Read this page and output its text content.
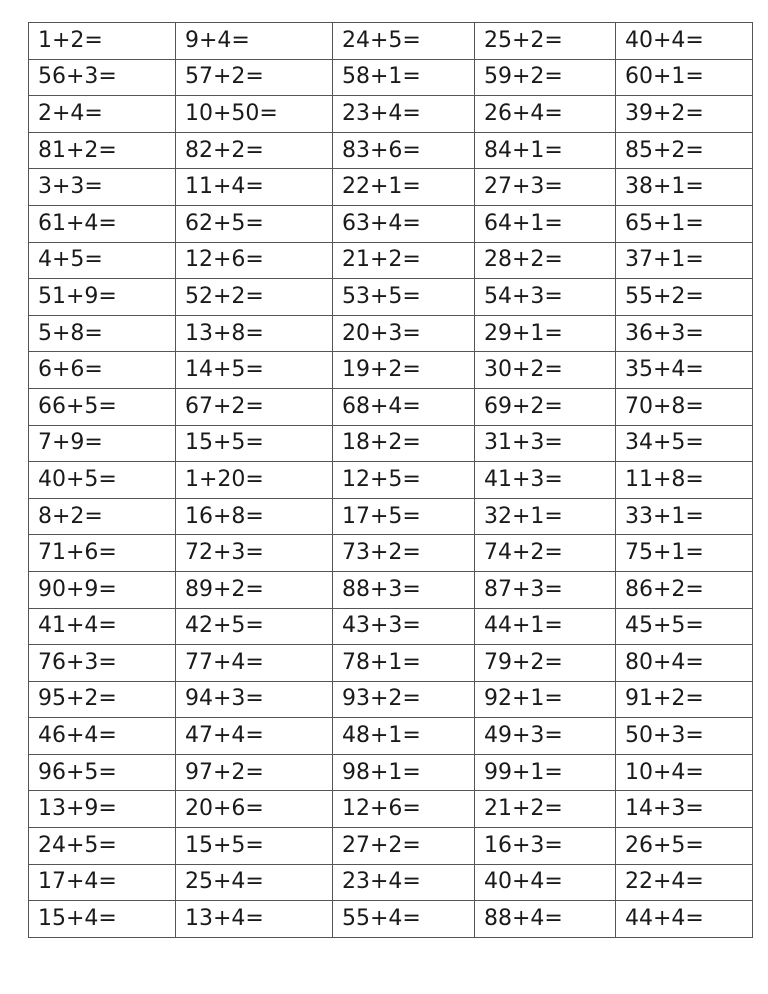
1+2=	9+4=	24+5=	25+2=	40+4=
56+3=	57+2=	58+1=	59+2=	60+1=
2+4=	10+50=	23+4=	26+4=	39+2=
81+2=	82+2=	83+6=	84+1=	85+2=
3+3=	11+4=	22+1=	27+3=	38+1=
61+4=	62+5=	63+4=	64+1=	65+1=
4+5=	12+6=	21+2=	28+2=	37+1=
51+9=	52+2=	53+5=	54+3=	55+2=
5+8=	13+8=	20+3=	29+1=	36+3=
6+6=	14+5=	19+2=	30+2=	35+4=
66+5=	67+2=	68+4=	69+2=	70+8=
7+9=	15+5=	18+2=	31+3=	34+5=
40+5=	1+20=	12+5=	41+3=	11+8=
8+2=	16+8=	17+5=	32+1=	33+1=
71+6=	72+3=	73+2=	74+2=	75+1=
90+9=	89+2=	88+3=	87+3=	86+2=
41+4=	42+5=	43+3=	44+1=	45+5=
76+3=	77+4=	78+1=	79+2=	80+4=
95+2=	94+3=	93+2=	92+1=	91+2=
46+4=	47+4=	48+1=	49+3=	50+3=
96+5=	97+2=	98+1=	99+1=	10+4=
13+9=	20+6=	12+6=	21+2=	14+3=
24+5=	15+5=	27+2=	16+3=	26+5=
17+4=	25+4=	23+4=	40+4=	22+4=
15+4=	13+4=	55+4=	88+4=	44+4=
